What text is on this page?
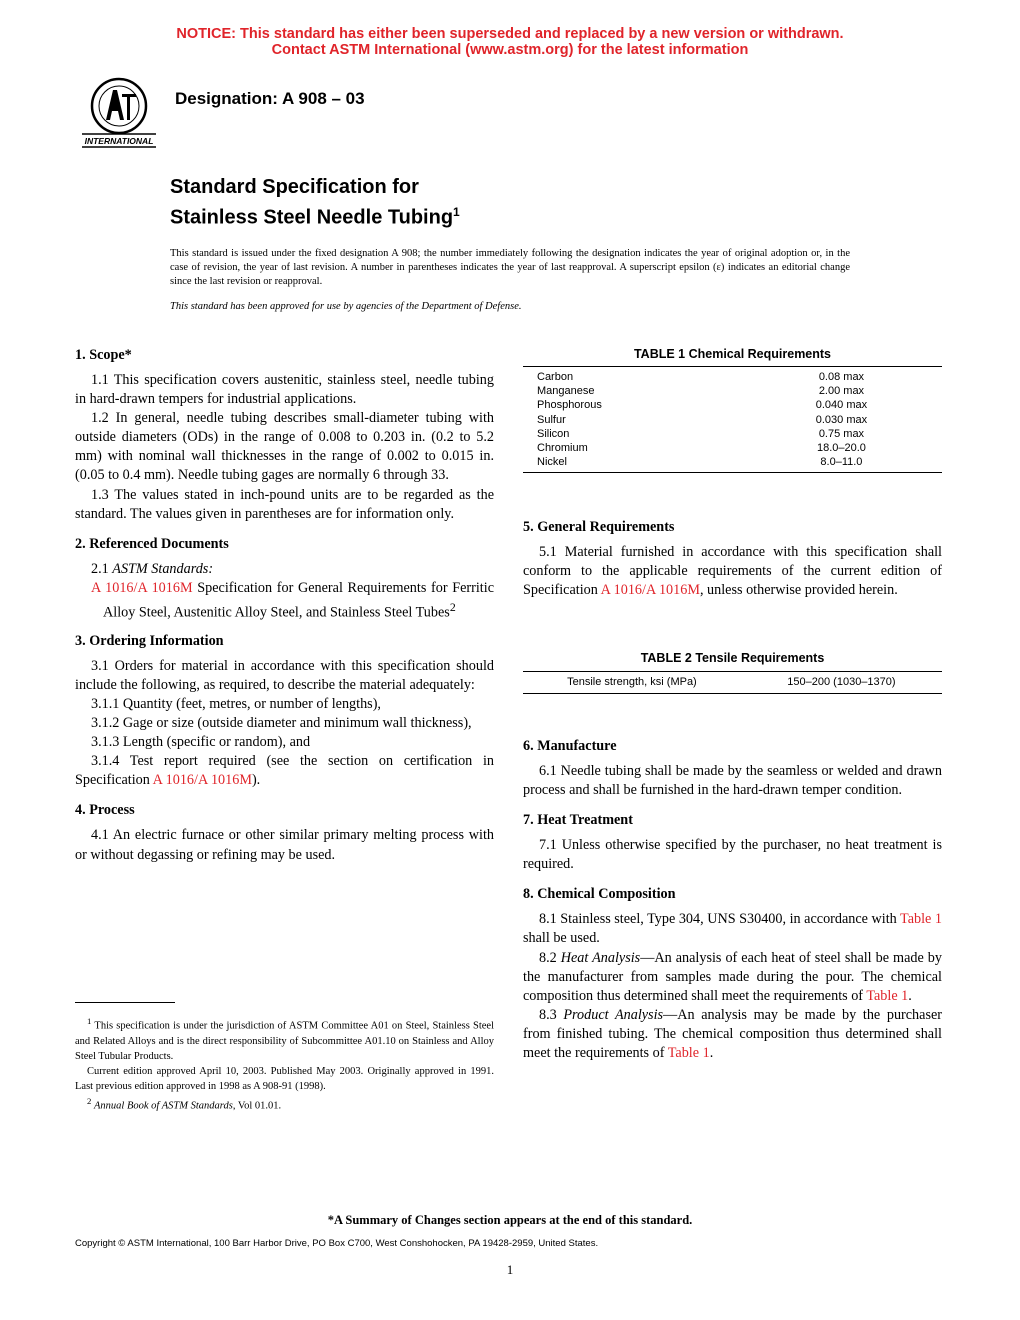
NOTICE: This standard has either been superseded and replaced by a new version or withdrawn.
Contact ASTM International (www.astm.org) for the latest information
INTERNATIONAL
Designation: A 908 – 03
Standard Specification for
Stainless Steel Needle Tubing$^1$
This standard is issued under the fixed designation A 908; the number immediately following the designation indicates the year of original adoption or, in the case of revision, the year of last revision. A number in parentheses indicates the year of last reapproval. A superscript epsilon (ε) indicates an editorial change since the last revision or reapproval.
This standard has been approved for use by agencies of the Department of Defense.
1. Scope*

1.1 This specification covers austenitic, stainless steel, needle tubing in hard-drawn tempers for industrial applications.

1.2 In general, needle tubing describes small-diameter tubing with outside diameters (ODs) in the range of 0.008 to 0.203 in. (0.2 to 5.2 mm) with nominal wall thicknesses in the range of 0.002 to 0.015 in. (0.05 to 0.4 mm). Needle tubing gages are normally 6 through 33.

1.3 The values stated in inch-pound units are to be regarded as the standard. The values given in parentheses are for information only.

2. Referenced Documents

2.1 ASTM Standards:

A 1016/A 1016M Specification for General Requirements for Ferritic Alloy Steel, Austenitic Alloy Steel, and Stainless Steel Tubes$^2$

3. Ordering Information

3.1 Orders for material in accordance with this specification should include the following, as required, to describe the material adequately:

3.1.1 Quantity (feet, metres, or number of lengths),

3.1.2 Gage or size (outside diameter and minimum wall thickness),

3.1.3 Length (specific or random), and

3.1.4 Test report required (see the section on certification in Specification A 1016/A 1016M).

4. Process

4.1 An electric furnace or other similar primary melting process with or without degassing or refining may be used.

$^1$ This specification is under the jurisdiction of ASTM Committee A01 on Steel, Stainless Steel and Related Alloys and is the direct responsibility of Subcommittee A01.10 on Stainless and Alloy Steel Tubular Products.

Current edition approved April 10, 2003. Published May 2003. Originally approved in 1991. Last previous edition approved in 1998 as A 908-91 (1998).

$^2$ Annual Book of ASTM Standards, Vol 01.01.

TABLE 1 Chemical Requirements
Carbon	0.08 max
Manganese	2.00 max
Phosphorous	0.040 max
Sulfur	0.030 max
Silicon	0.75 max
Chromium	18.0–20.0
Nickel	8.0–11.0
5. General Requirements

5.1 Material furnished in accordance with this specification shall conform to the applicable requirements of the current edition of Specification A 1016/A 1016M, unless otherwise provided herein.

TABLE 2 Tensile Requirements
Tensile strength, ksi (MPa)	150–200 (1030–1370)
6. Manufacture

6.1 Needle tubing shall be made by the seamless or welded and drawn process and shall be furnished in the hard-drawn temper condition.

7. Heat Treatment

7.1 Unless otherwise specified by the purchaser, no heat treatment is required.

8. Chemical Composition

8.1 Stainless steel, Type 304, UNS S30400, in accordance with Table 1 shall be used.

8.2 Heat Analysis—An analysis of each heat of steel shall be made by the manufacturer from samples made during the pour. The chemical composition thus determined shall meet the requirements of Table 1.

8.3 Product Analysis—An analysis may be made by the purchaser from finished tubing. The chemical composition thus determined shall meet the requirements of Table 1.

*A Summary of Changes section appears at the end of this standard.
Copyright © ASTM International, 100 Barr Harbor Drive, PO Box C700, West Conshohocken, PA 19428-2959, United States.
1
